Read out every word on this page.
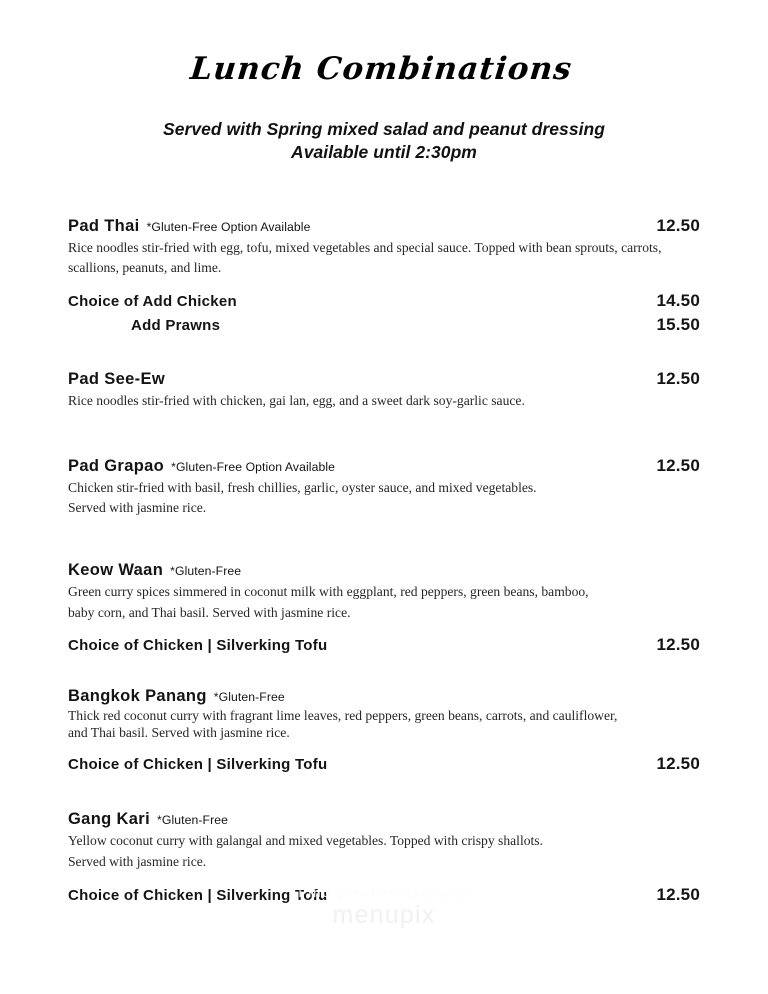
Lunch Combinations
Served with Spring mixed salad and peanut dressing
Available until 2:30pm
Pad Thai *Gluten-Free Option Available	12.50
Rice noodles stir-fried with egg, tofu, mixed vegetables and special sauce. Topped with bean sprouts, carrots,
scallions, peanuts, and lime.
Choice of Add Chicken	14.50
Add Prawns	15.50
Pad See-Ew	12.50
Rice noodles stir-fried with chicken, gai lan, egg, and a sweet dark soy-garlic sauce.
Pad Grapao *Gluten-Free Option Available	12.50
Chicken stir-fried with basil, fresh chillies, garlic, oyster sauce, and mixed vegetables.
Served with jasmine rice.
Keow Waan *Gluten-Free
Green curry spices simmered in coconut milk with eggplant, red peppers, green beans, bamboo,
baby corn, and Thai basil. Served with jasmine rice.
Choice of Chicken | Silverking Tofu	12.50
Bangkok Panang *Gluten-Free
Thick red coconut curry with fragrant lime leaves, red peppers, green beans, carrots, and cauliflower,
and Thai basil. Served with jasmine rice.
Choice of Chicken | Silverking Tofu	12.50
Gang Kari *Gluten-Free
Yellow coconut curry with galangal and mixed vegetables. Topped with crispy shallots.
Served with jasmine rice.
Choice of Chicken | Silverking Tofu	12.50
Find great restaurants
menupix
